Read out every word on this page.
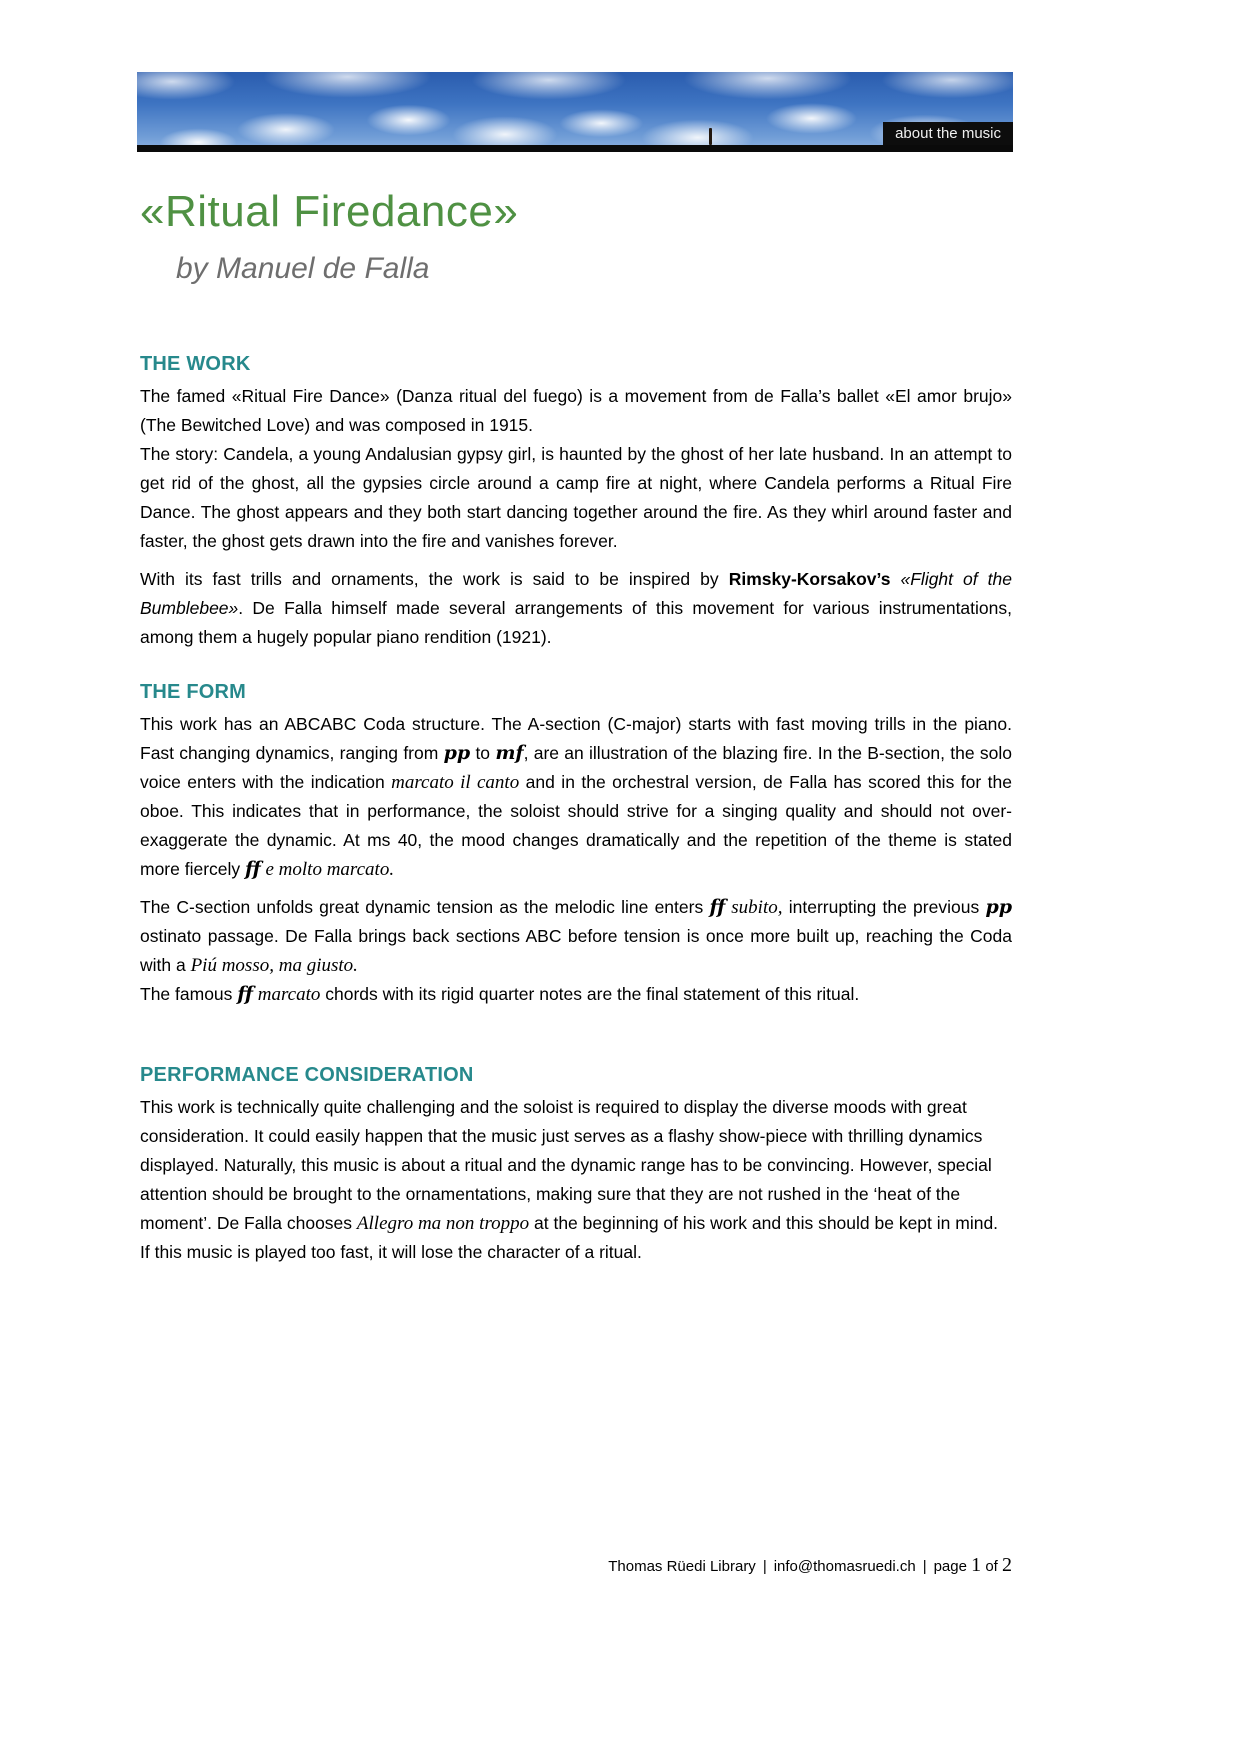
about the music
«Ritual Firedance»
by Manuel de Falla
THE WORK

The famed «Ritual Fire Dance» (Danza ritual del fuego) is a movement from de Falla’s ballet «El amor brujo» (The Bewitched Love) and was composed in 1915.

The story: Candela, a young Andalusian gypsy girl, is haunted by the ghost of her late husband. In an attempt to get rid of the ghost, all the gypsies circle around a camp fire at night, where Candela performs a Ritual Fire Dance. The ghost appears and they both start dancing together around the fire. As they whirl around faster and faster, the ghost gets drawn into the fire and vanishes forever.

With its fast trills and ornaments, the work is said to be inspired by Rimsky-Korsakov’s «Flight of the Bumblebee». De Falla himself made several arrangements of this movement for various instrumentations, among them a hugely popular piano rendition (1921).

THE FORM

This work has an ABCABC Coda structure. The A-section (C-major) starts with fast moving trills in the piano. Fast changing dynamics, ranging from pp to mf, are an illustration of the blazing fire. In the B-section, the solo voice enters with the indication marcato il canto and in the orchestral version, de Falla has scored this for the oboe. This indicates that in performance, the soloist should strive for a singing quality and should not over-exaggerate the dynamic. At ms 40, the mood changes dramatically and the repetition of the theme is stated more fiercely ff e molto marcato.

The C-section unfolds great dynamic tension as the melodic line enters ff subito, interrupting the previous pp ostinato passage. De Falla brings back sections ABC before tension is once more built up, reaching the Coda with a Piú mosso, ma giusto.

The famous ff marcato chords with its rigid quarter notes are the final statement of this ritual.

PERFORMANCE CONSIDERATION

This work is technically quite challenging and the soloist is required to display the diverse moods with great consideration. It could easily happen that the music just serves as a flashy show-piece with thrilling dynamics displayed. Naturally, this music is about a ritual and the dynamic range has to be convincing. However, special attention should be brought to the ornamentations, making sure that they are not rushed in the ‘heat of the moment’. De Falla chooses Allegro ma non troppo at the beginning of his work and this should be kept in mind. If this music is played too fast, it will lose the character of a ritual.

Thomas Rüedi Library | info@thomasruedi.ch | page 1 of 2
